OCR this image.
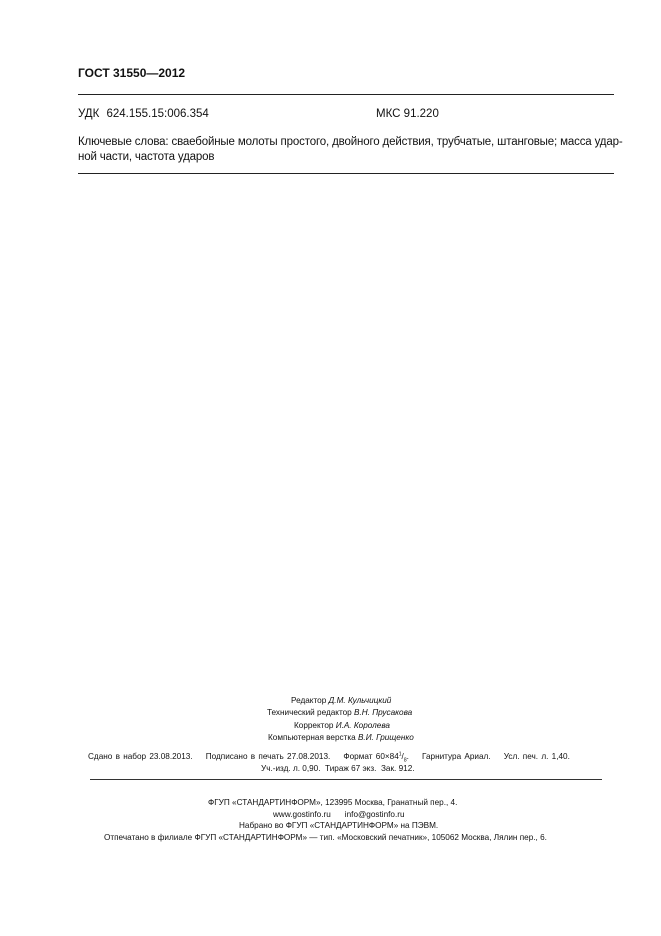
ГОСТ 31550—2012
УДК 624.155.15:006.354	МКС 91.220
Ключевые слова: сваебойные молоты простого, двойного действия, трубчатые, штанговые; масса удар-
ной части, частота ударов
Редактор Д.М. Кульчицкий
Технический редактор В.Н. Прусакова
Корректор И.А. Королева
Компьютерная верстка В.И. Грищенко
Сдано в набор 23.08.2013. Подписано в печать 27.08.2013. Формат $60\times 84^1/_8$. Гарнитура Ариал. Усл. печ. л. 1,40.
Уч.-изд. л. 0,90. Тираж 67 экз. Зак. 912.
ФГУП «СТАНДАРТИНФОРМ», 123995 Москва, Гранатный пер., 4.
www.gostinfo.ru info@gostinfo.ru
Набрано во ФГУП «СТАНДАРТИНФОРМ» на ПЭВМ.
Отпечатано в филиале ФГУП «СТАНДАРТИНФОРМ» — тип. «Московский печатник», 105062 Москва, Лялин пер., 6.
